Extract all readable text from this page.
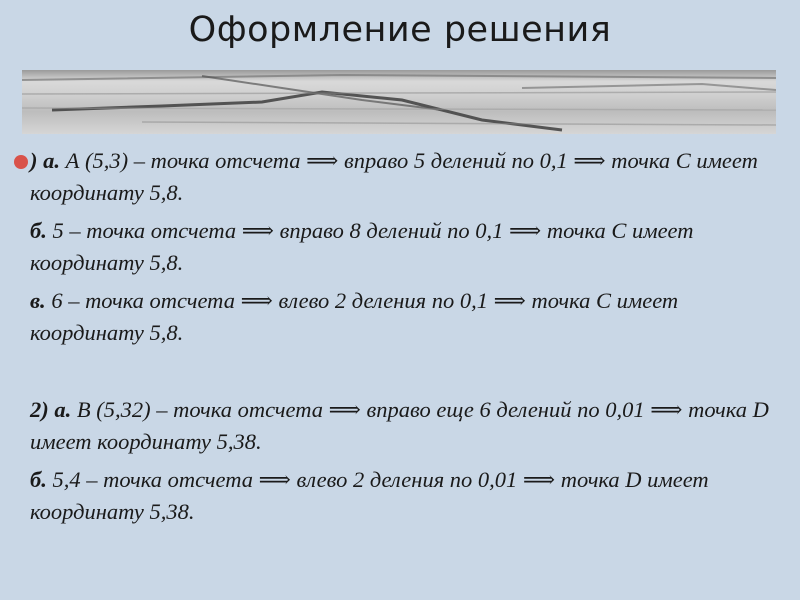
Оформление решения

) а. А (5,3) – точка отсчета ⟹ вправо 5 делений по 0,1 ⟹ точка С имеет координату 5,8.

б. 5 – точка отсчета ⟹ вправо 8 делений по 0,1 ⟹ точка С имеет координату 5,8.

в. 6 – точка отсчета ⟹ влево 2 деления по 0,1 ⟹ точка С имеет координату 5,8.

2) а. В (5,32) – точка отсчета ⟹ вправо еще 6 делений по 0,01 ⟹ точка D имеет координату 5,38.

б. 5,4 – точка отсчета ⟹ влево 2 деления по 0,01 ⟹ точка D имеет координату 5,38.
